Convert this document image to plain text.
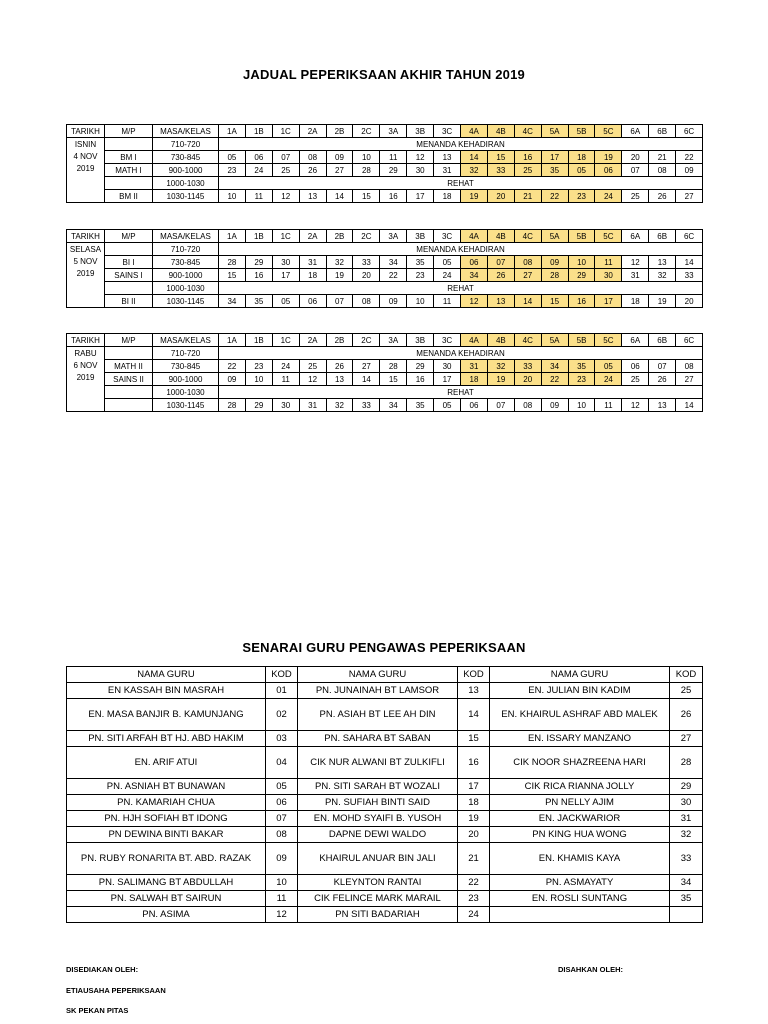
JADUAL PEPERIKSAAN AKHIR TAHUN 2019
TARIKH	M/P	MASA/KELAS	1A	1B	1C	2A	2B	2C	3A	3B	3C	4A	4B	4C	5A	5B	5C	6A	6B	6C

ISNIN
4 NOV
2019		710-720	MENANDA KEHADIRAN																	
	BM I	730-845	05	06	07	08	09	10	11	12	13	14	15	16	17	18	19	20	21	22
	MATH I	900-1000	23	24	25	26	27	28	29	30	31	32	33	25	35	05	06	07	08	09
		1000-1030	REHAT																	
	BM II	1030-1145	10	11	12	13	14	15	16	17	18	19	20	21	22	23	24	25	26	27
TARIKH	M/P	MASA/KELAS	1A	1B	1C	2A	2B	2C	3A	3B	3C	4A	4B	4C	5A	5B	5C	6A	6B	6C

SELASA
5 NOV
2019		710-720	MENANDA KEHADIRAN																	
	BI I	730-845	28	29	30	31	32	33	34	35	05	06	07	08	09	10	11	12	13	14
	SAINS I	900-1000	15	16	17	18	19	20	22	23	24	34	26	27	28	29	30	31	32	33
		1000-1030	REHAT																	
	BI II	1030-1145	34	35	05	06	07	08	09	10	11	12	13	14	15	16	17	18	19	20
TARIKH	M/P	MASA/KELAS	1A	1B	1C	2A	2B	2C	3A	3B	3C	4A	4B	4C	5A	5B	5C	6A	6B	6C

RABU
6 NOV
2019		710-720	MENANDA KEHADIRAN																	
	MATH II	730-845	22	23	24	25	26	27	28	29	30	31	32	33	34	35	05	06	07	08
	SAINS II	900-1000	09	10	11	12	13	14	15	16	17	18	19	20	22	23	24	25	26	27
		1000-1030	REHAT																	
		1030-1145	28	29	30	31	32	33	34	35	05	06	07	08	09	10	11	12	13	14
SENARAI GURU PENGAWAS PEPERIKSAAN
NAMA GURU	KOD	NAMA GURU	KOD	NAMA GURU	KOD
EN KASSAH BIN MASRAH	01	PN. JUNAINAH BT LAMSOR	13	EN. JULIAN BIN KADIM	25
EN. MASA BANJIR B. KAMUNJANG	02	PN. ASIAH BT LEE AH DIN	14	EN. KHAIRUL ASHRAF ABD MALEK	26
PN. SITI ARFAH BT HJ. ABD HAKIM	03	PN. SAHARA BT SABAN	15	EN. ISSARY MANZANO	27
EN. ARIF ATUI	04	CIK NUR ALWANI BT ZULKIFLI	16	CIK NOOR SHAZREENA HARI	28
PN. ASNIAH BT BUNAWAN	05	PN. SITI SARAH BT WOZALI	17	CIK RICA RIANNA JOLLY	29
PN. KAMARIAH CHUA	06	PN. SUFIAH BINTI SAID	18	PN NELLY AJIM	30
PN. HJH SOFIAH BT IDONG	07	EN. MOHD SYAIFI B. YUSOH	19	EN. JACKWARIOR	31
PN DEWINA BINTI BAKAR	08	DAPNE DEWI WALDO	20	PN KING HUA WONG	32
PN. RUBY RONARITA BT. ABD. RAZAK	09	KHAIRUL ANUAR BIN JALI	21	EN. KHAMIS KAYA	33
PN. SALIMANG BT ABDULLAH	10	KLEYNTON RANTAI	22	PN. ASMAYATY	34
PN. SALWAH BT SAIRUN	11	CIK FELINCE MARK MARAIL	23	EN. ROSLI SUNTANG	35
PN. ASIMA	12	PN SITI BADARIAH	24		
DISEDIAKAN OLEH:	DISAHKAN OLEH:
ETIAUSAHA PEPERIKSAAN
SK PEKAN PITAS
